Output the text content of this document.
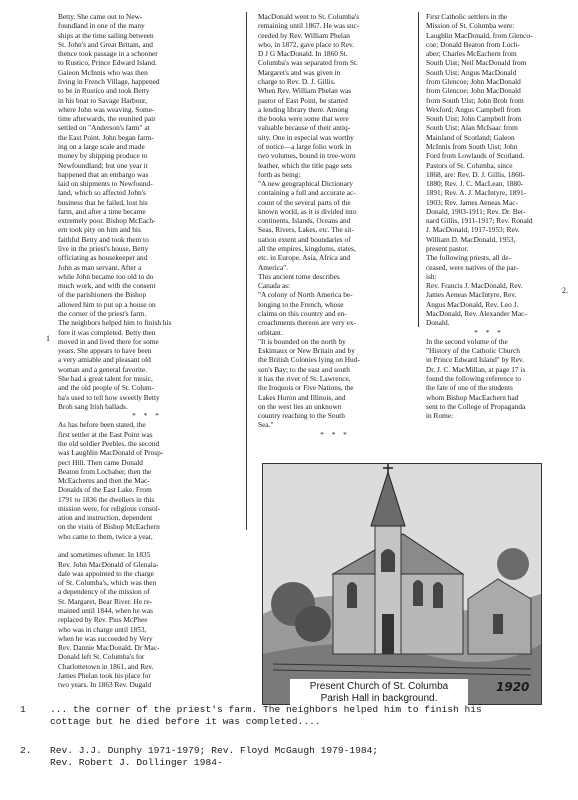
1
2.
Betty. She came out to New-
foundland in one of the many
ships at the time sailing between
St. John's and Great Britain, and
thence took passage in a schooner
to Rustico, Prince Edward Island.
Gaieon McInnis who was then
living in French Village, happened
to be in Rustico and took Betty
in his boat to Savage Harbour,
where John was weaving. Some-
time afterwards, the reunited pair
settled on "Anderson's farm" at
the East Point. John began farm-
ing on a large scale and made
money by shipping produce to
Newfoundland; but one year it
happened that an embargo was
laid on shipments to Newfound-
land, which so affected John's
business that he failed, lost his
farm, and after a time became
extremely poor. Bishop McEach-
ern took pity on him and his
faithful Betty and took them to
live in the priest's house, Betty
officiating as housekeeper and
John as man servant. After a
while John became too old to do
much work, and with the consent
of the parishioners the Bishop
allowed him to put up a house on
the corner of the priest's farm.
The neighbors helped him to finish his
fore it was completed. Betty then
moved in and lived there for some
years. She appears to have been
a very amiable and pleasant old
woman and a general favorite.
She had a great talent for music,
and the old people of St. Colum-
ba's used to tell how sweetly Betty
Broh sang Irish ballads.
* * *
As has before been stated, the
first settler at the East Point was
the old soldier Peebles, the second
was Laughlin MacDonald of Prosp-
pect Hill. Then came Donald
Beaton from Lochaber, then the
McEacherns and then the Mac-
Donalds of the East Lake. From
1791 to 1836 the dwellers in this
mission were, for religious consol-
ation and instruction, dependent
on the visits of Bishop McEachern
who came to them, twice a year,

and sometimes oftener. In 1835
Rev. John MacDonald of Glenala-
dale was appointed to the charge
of St. Columba's, which was then
a dependency of the mission of
St. Margaret, Bear River. He re-
mained until 1844, when he was
replaced by Rev. Pius McPhee
who was in charge until 1853,
when he was succeeded by Very
Rev. Dannie MacDonald. Dr Mac-
Donald left St. Columba's for
Charlottetown in 1861, and Rev.
James Phelan took his place for
two years. In 1863 Rev. Dugald
MacDonald went to St. Columba's
remaining until 1867. He was suc-
ceeded by Rev. William Phelan
who, in 1872, gave place to Rev.
D J G MacDonald. In 1860 St.
Columba's was separated from St.
Margaret's and was given in
charge to Rev. D. J. Gillis.
When Rev. William Phelan was
pastor of East Point, he started
a lending library there. Among
the books were some that were
valuable because of their antiq-
uity. One in especial was worthy
of notice—a large folio work in
two volumes, bound in tree-worn
leather, which the title page sets
forth as being:
"A new geographical Dictionary
containing a full and accurate ac-
count of the several parts of the
known world, as it is divided into
continents, Islands, Oceans and
Seas, Rivers, Lakes, etc. The sit-
uation extent and boundaries of
all the empires, kingdoms, states,
etc. in Europe, Asia, Africa and
America".
This ancient tome describes
Canada as:
"A colony of North America be-
longing to the French, whose
claims on this country and en-
croachments thereon are very ex-
orbitant.
"It is bounded on the north by
Eskimaux or New Britain and by
the British Colonies lying on Hud-
son's Bay; to the east and south
it has the river of St. Lawrence,
the Iroquois or Five Nations, the
Lakes Huron and Illinois, and
on the west lies an unknown
country reaching to the South
Sea."
* * *
First Catholic settlers in the
Mission of St. Columba were:
Laughlin MacDonald, from Glenco-
coe; Donald Beaton from Loch-
aber; Charles McEachern from
South Uist; Neil MacDonald from
South Uist; Angus MacDonald
from Glencoe; John MacDonald
from Glencoe; John MacDonald
from South Uist; John Broh from
Wexford; Angus Campbell from
South Uist; John Campbell from
South Uist; Alan McIsaac from
Mainland of Scotland; Galeon
McInnis from South Uist; John
Ford from Lowlands of Scotland.
Pastors of St. Columba, since
1868, are: Rev. D. J. Gillis, 1860-
1880; Rev. J. C. MacLean, 1880-
1891; Rev. A. J. MacIntyre, 1891-
1903; Rev. James Aeneas Mac-
Donald, 1903-1911; Rev. Dr. Ber-
nard Gillis, 1911-1917; Rev. Ronald
J. MacDonald, 1917-1953; Rev.
William D. MacDonald, 1953,
present pastor.
The following priests, all de-
ceased, were natives of the par-
ish:
Rev. Francis J. MacDonald, Rev.
James Aeneas MacIntyre, Rev.
Angus MacDonald, Rev. Leo J.
MacDonald, Rev. Alexander Mac-
Donald.
* * *
In the second volume of the
"History of the Catholic Church
in Prince Edward Island" by Rev.
Dr. J. C. MacMillan, at page 17 is
found the following reference to
the fate of one of the students
whom Bishop MacEachern had
sent to the College of Propaganda
in Rome:
Present Church of St. Columba
Parish Hall in background.
1920
1	... the corner of the priest's farm. The neighbors helped him to finish his
cottage but he died before it was completed....
2. Rev. J.J. Dunphy 1971-1979; Rev. Floyd McGaugh 1979-1984;
Rev. Robert J. Dollinger 1984-
